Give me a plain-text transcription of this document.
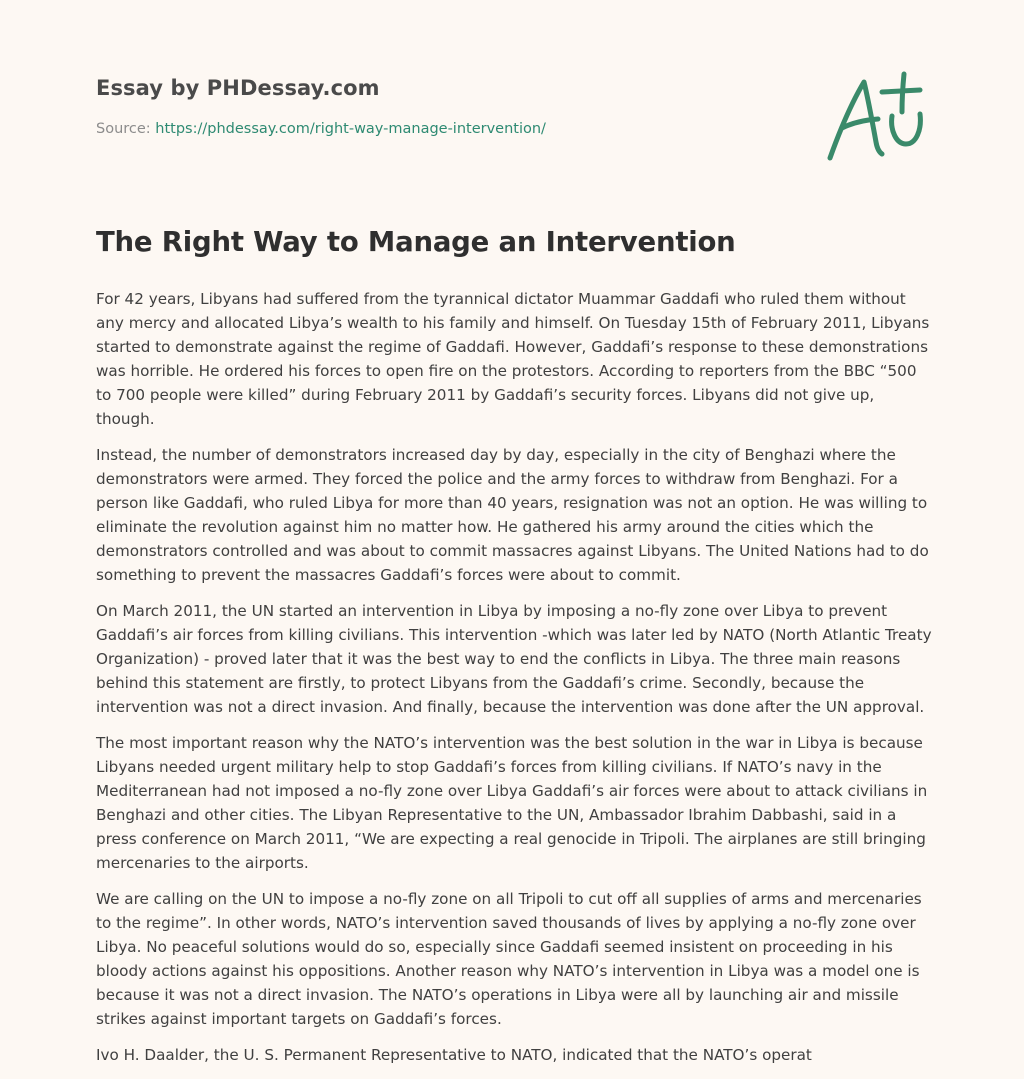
Essay by PHDessay.com
Source: https://phdessay.com/right-way-manage-intervention/
The Right Way to Manage an Intervention

For 42 years, Libyans had suffered from the tyrannical dictator Muammar Gaddafi who ruled them without any mercy and allocated Libya’s wealth to his family and himself. On Tuesday 15th of February 2011, Libyans started to demonstrate against the regime of Gaddafi. However, Gaddafi’s response to these demonstrations was horrible. He ordered his forces to open fire on the protestors. According to reporters from the BBC “500 to 700 people were killed” during February 2011 by Gaddafi’s security forces. Libyans did not give up, though.

Instead, the number of demonstrators increased day by day, especially in the city of Benghazi where the demonstrators were armed. They forced the police and the army forces to withdraw from Benghazi. For a person like Gaddafi, who ruled Libya for more than 40 years, resignation was not an option. He was willing to eliminate the revolution against him no matter how. He gathered his army around the cities which the demonstrators controlled and was about to commit massacres against Libyans. The United Nations had to do something to prevent the massacres Gaddafi’s forces were about to commit.

On March 2011, the UN started an intervention in Libya by imposing a no-fly zone over Libya to prevent Gaddafi’s air forces from killing civilians. This intervention -which was later led by NATO (North Atlantic Treaty Organization) - proved later that it was the best way to end the conflicts in Libya. The three main reasons behind this statement are firstly, to protect Libyans from the Gaddafi’s crime. Secondly, because the intervention was not a direct invasion. And finally, because the intervention was done after the UN approval.

The most important reason why the NATO’s intervention was the best solution in the war in Libya is because Libyans needed urgent military help to stop Gaddafi’s forces from killing civilians. If NATO’s navy in the Mediterranean had not imposed a no-fly zone over Libya Gaddafi’s air forces were about to attack civilians in Benghazi and other cities. The Libyan Representative to the UN, Ambassador Ibrahim Dabbashi, said in a press conference on March 2011, “We are expecting a real genocide in Tripoli. The airplanes are still bringing mercenaries to the airports.

We are calling on the UN to impose a no-fly zone on all Tripoli to cut off all supplies of arms and mercenaries to the regime”. In other words, NATO’s intervention saved thousands of lives by applying a no-fly zone over Libya. No peaceful solutions would do so, especially since Gaddafi seemed insistent on proceeding in his bloody actions against his oppositions. Another reason why NATO’s intervention in Libya was a model one is because it was not a direct invasion. The NATO’s operations in Libya were all by launching air and missile strikes against important targets on Gaddafi’s forces.

Ivo H. Daalder, the U. S. Permanent Representative to NATO, indicated that the NATO’s operat
